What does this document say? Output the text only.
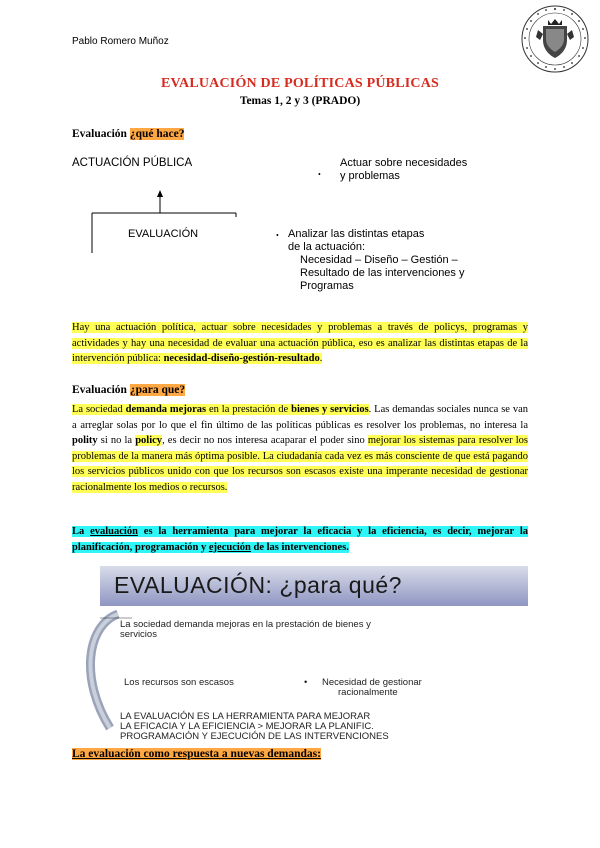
Pablo Romero Muñoz
EVALUACIÓN DE POLÍTICAS PÚBLICAS
Temas 1, 2 y 3 (PRADO)
Evaluación ¿qué hace?
ACTUACIÓN PÚBLICA
EVALUACIÓN
Actuar sobre necesidades
y problemas
•
Analizar las distintas etapas
de la actuación:
Necesidad – Diseño – Gestión –
Resultado de las intervenciones y
Programas
•
Hay una actuación política, actuar sobre necesidades y problemas a través de policys, programas y actividades y hay una necesidad de evaluar una actuación pública, eso es analizar las distintas etapas de la intervención pública: necesidad-diseño-gestión-resultado.
Evaluación ¿para que?
La sociedad demanda mejoras en la prestación de bienes y servicios. Las demandas sociales nunca se van a arreglar solas por lo que el fin último de las políticas públicas es resolver los problemas, no interesa la polity si no la policy, es decir no nos interesa acaparar el poder sino mejorar los sistemas para resolver los problemas de la manera más óptima posible. La ciudadanía cada vez es más consciente de que está pagando los servicios públicos unido con que los recursos son escasos existe una imperante necesidad de gestionar racionalmente los medios o recursos.
La evaluación es la herramienta para mejorar la eficacia y la eficiencia, es decir, mejorar la planificación, programación y ejecución de las intervenciones.
EVALUACIÓN: ¿para qué?
La sociedad demanda mejoras en la prestación de bienes y
servicios
Los recursos son escasos	• Necesidad de gestionar
racionalmente
LA EVALUACIÓN ES LA HERRAMIENTA PARA MEJORAR
LA EFICACIA Y LA EFICIENCIA > MEJORAR LA PLANIFIC.
PROGRAMACIÓN Y EJECUCIÓN DE LAS INTERVENCIONES
La evaluación como respuesta a nuevas demandas:
